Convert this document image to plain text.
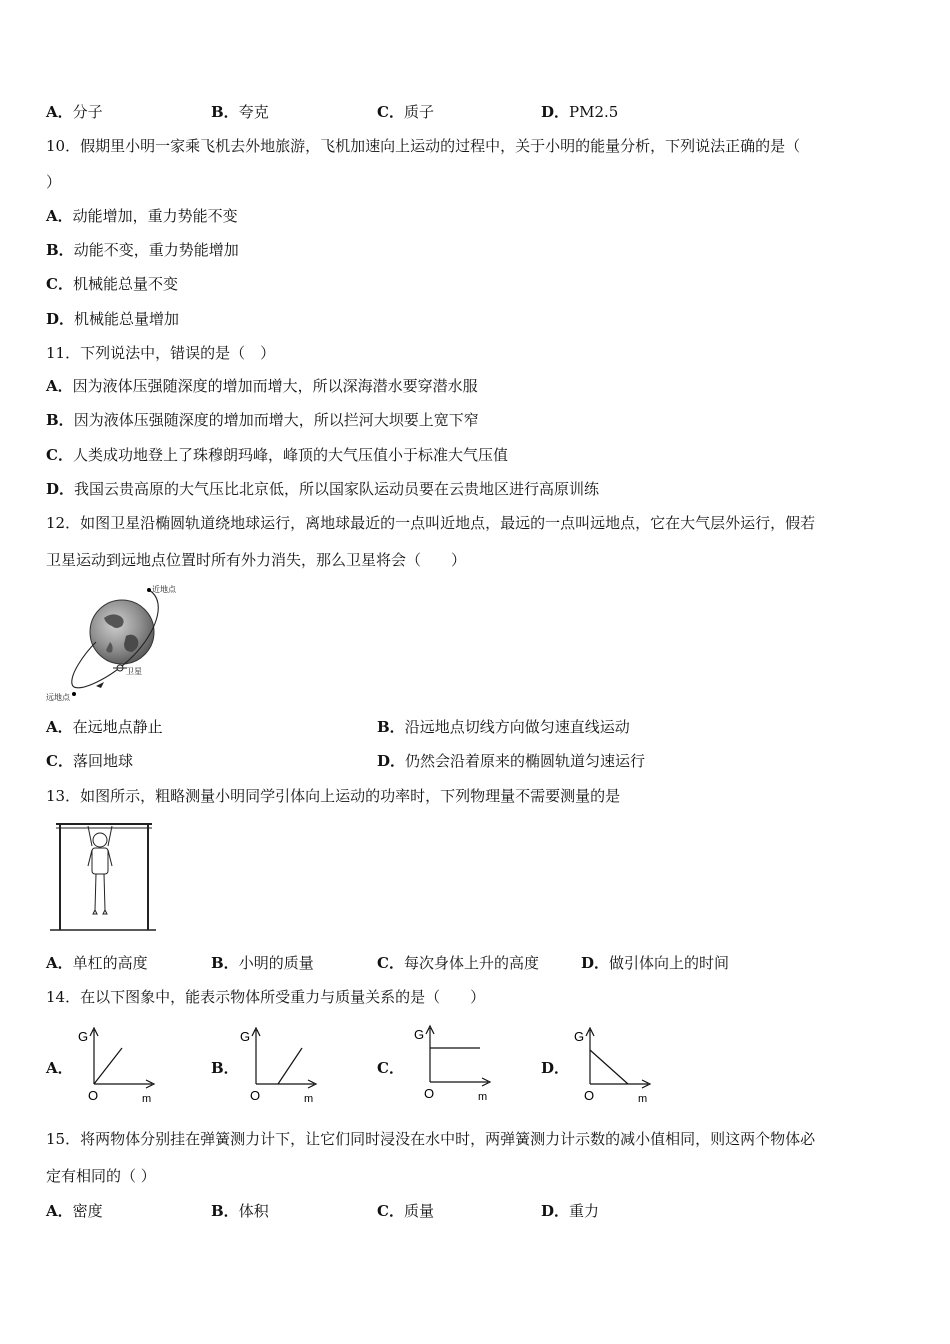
A．分子	B．夸克	C．质子	D．PM2.5
10．假期里小明一家乘飞机去外地旅游，飞机加速向上运动的过程中，关于小明的能量分析，下列说法正确的是（
）
A．动能增加，重力势能不变
B．动能不变，重力势能增加
C．机械能总量不变
D．机械能总量增加
11．下列说法中，错误的是（　）
A．因为液体压强随深度的增加而增大，所以深海潜水要穿潜水服
B．因为液体压强随深度的增加而增大，所以拦河大坝要上宽下窄
C．人类成功地登上了珠穆朗玛峰，峰顶的大气压值小于标准大气压值
D．我国云贵高原的大气压比北京低，所以国家队运动员要在云贵地区进行高原训练
12．如图卫星沿椭圆轨道绕地球运行，离地球最近的一点叫近地点，最远的一点叫远地点，它在大气层外运行，假若
卫星运动到远地点位置时所有外力消失，那么卫星将会（　　）
近地点
远地点
卫星
A．在远地点静止	B．沿远地点切线方向做匀速直线运动
C．落回地球	D．仍然会沿着原来的椭圆轨道匀速运行
13．如图所示，粗略测量小明同学引体向上运动的功率时，下列物理量不需要测量的是
A．单杠的高度	B．小明的质量	C．每次身体上升的高度	D．做引体向上的时间
14．在以下图象中，能表示物体所受重力与质量关系的是（　　）
A．
G
O	m
B．
G
O	m
C．
G
O	m
D．
G
O	m
15．将两物体分别挂在弹簧测力计下，让它们同时浸没在水中时，两弹簧测力计示数的减小值相同，则这两个物体必
定有相同的（ ）
A．密度	B．体积	C．质量	D．重力
